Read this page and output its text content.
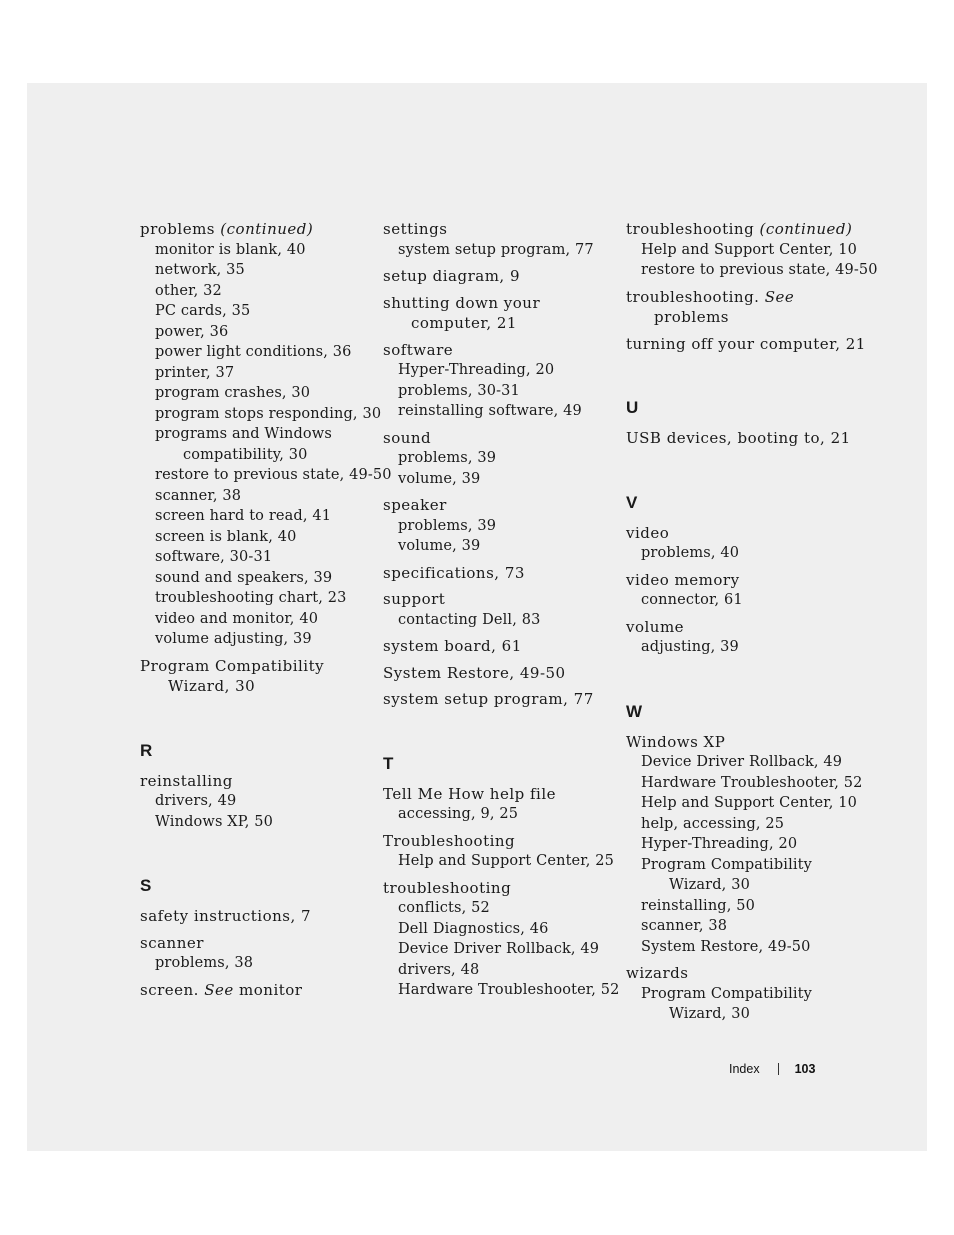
problems (continued)
monitor is blank, 40
network, 35
other, 32
PC cards, 35
power, 36
power light conditions, 36
printer, 37
program crashes, 30
program stops responding, 30
programs and Windows
compatibility, 30
restore to previous state, 49-50
scanner, 38
screen hard to read, 41
screen is blank, 40
software, 30-31
sound and speakers, 39
troubleshooting chart, 23
video and monitor, 40
volume adjusting, 39
Program Compatibility
Wizard, 30
R
reinstalling
drivers, 49
Windows XP, 50
S
safety instructions, 7
scanner
problems, 38
screen. See monitor
settings
system setup program, 77
setup diagram, 9
shutting down your
computer, 21
software
Hyper-Threading, 20
problems, 30-31
reinstalling software, 49
sound
problems, 39
volume, 39
speaker
problems, 39
volume, 39
specifications, 73
support
contacting Dell, 83
system board, 61
System Restore, 49-50
system setup program, 77
T
Tell Me How help file
accessing, 9, 25
Troubleshooting
Help and Support Center, 25
troubleshooting
conflicts, 52
Dell Diagnostics, 46
Device Driver Rollback, 49
drivers, 48
Hardware Troubleshooter, 52
troubleshooting (continued)
Help and Support Center, 10
restore to previous state, 49-50
troubleshooting. See
problems
turning off your computer, 21
U
USB devices, booting to, 21
V
video
problems, 40
video memory
connector, 61
volume
adjusting, 39
W
Windows XP
Device Driver Rollback, 49
Hardware Troubleshooter, 52
Help and Support Center, 10
help, accessing, 25
Hyper-Threading, 20
Program Compatibility
Wizard, 30
reinstalling, 50
scanner, 38
System Restore, 49-50
wizards
Program Compatibility
Wizard, 30
Index	103
